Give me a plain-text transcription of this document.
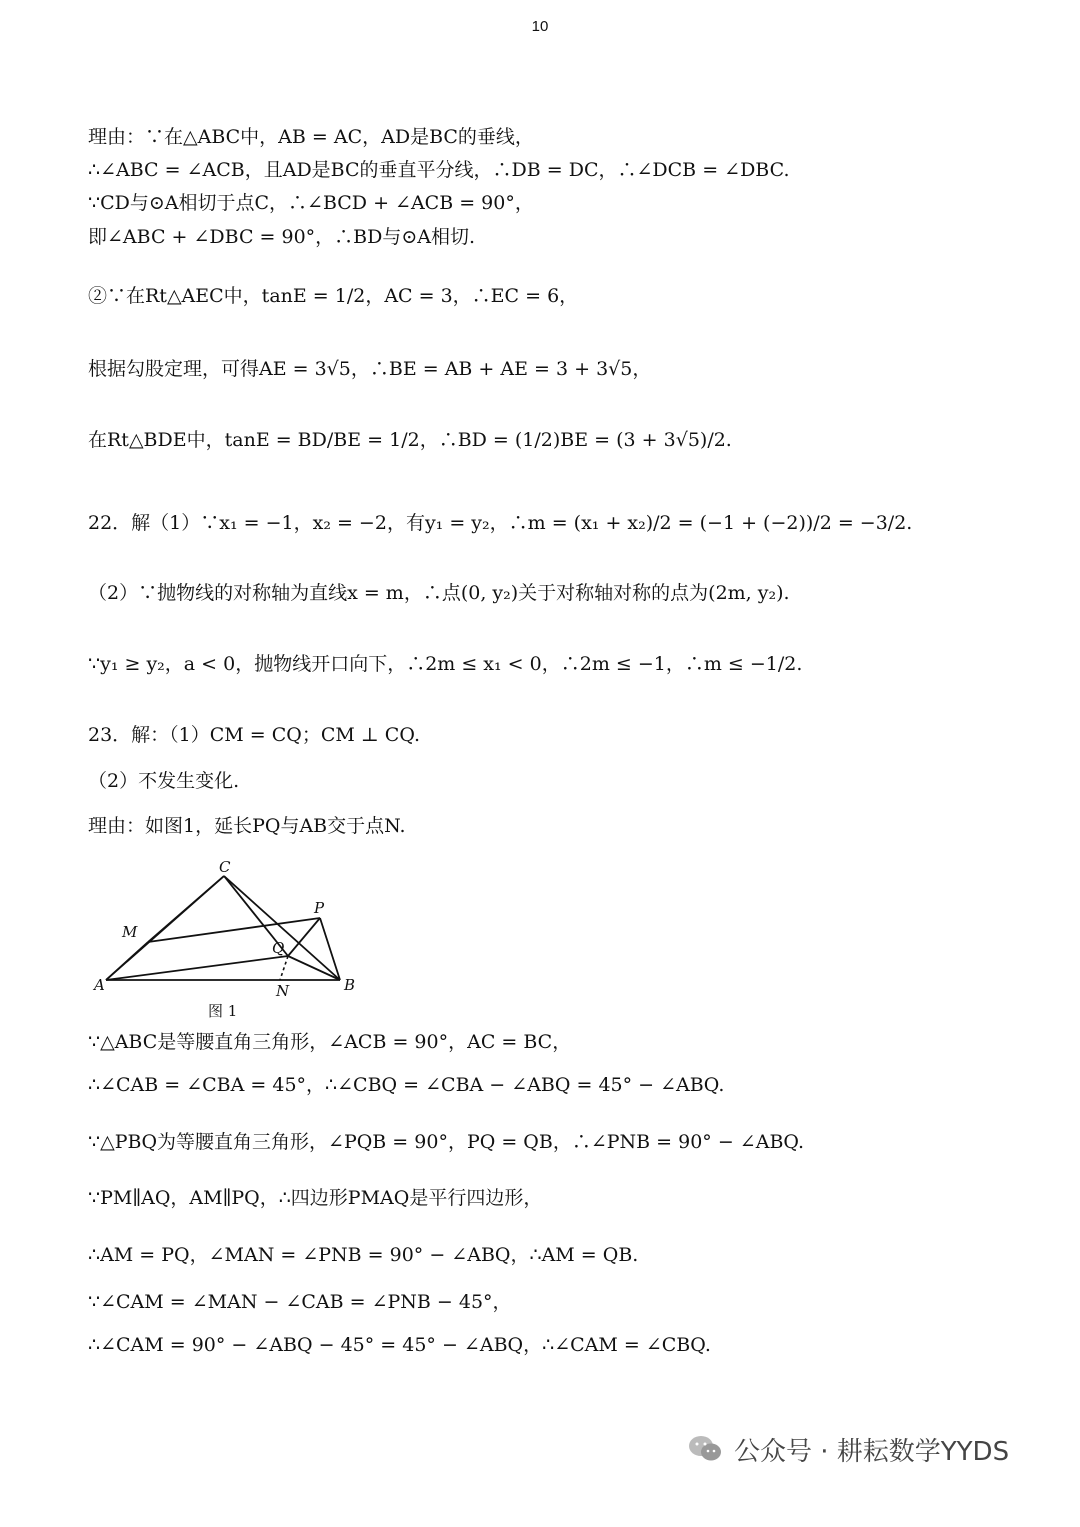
10
理由：∵在△ABC中，AB = AC，AD是BC的垂线，
∴∠ABC = ∠ACB，且AD是BC的垂直平分线，∴DB = DC，∴∠DCB = ∠DBC.
∵CD与⊙A相切于点C，∴∠BCD + ∠ACB = 90°，
即∠ABC + ∠DBC = 90°，∴BD与⊙A相切.
②∵在Rt△AEC中，tanE = 1/2，AC = 3，∴EC = 6，
根据勾股定理，可得AE = 3√5，∴BE = AB + AE = 3 + 3√5，
在Rt△BDE中，tanE = BD/BE = 1/2，∴BD = (1/2)BE = (3 + 3√5)/2.
22．解（1）∵x₁ = −1，x₂ = −2，有y₁ = y₂，∴m = (x₁ + x₂)/2 = (−1 + (−2))/2 = −3/2.
（2）∵抛物线的对称轴为直线x = m，∴点(0, y₂)关于对称轴对称的点为(2m, y₂).
∵y₁ ≥ y₂，a < 0，抛物线开口向下，∴2m ≤ x₁ < 0，∴2m ≤ −1，∴m ≤ −1/2.
23．解：（1）CM = CQ；CM ⊥ CQ.
（2）不发生变化.
理由：如图1，延长PQ与AB交于点N.
∵△ABC是等腰直角三角形，∠ACB = 90°，AC = BC，
∴∠CAB = ∠CBA = 45°，∴∠CBQ = ∠CBA − ∠ABQ = 45° − ∠ABQ.
∵△PBQ为等腰直角三角形，∠PQB = 90°，PQ = QB，∴∠PNB = 90° − ∠ABQ.
∵PM∥AQ，AM∥PQ，∴四边形PMAQ是平行四边形，
∴AM = PQ，∠MAN = ∠PNB = 90° − ∠ABQ，∴AM = QB.
∵∠CAM = ∠MAN − ∠CAB = ∠PNB − 45°，
∴∠CAM = 90° − ∠ABQ − 45° = 45° − ∠ABQ，∴∠CAM = ∠CBQ.
C
P
M
Q
A	N	B
图 1
公众号 · 耕耘数学YYDS
